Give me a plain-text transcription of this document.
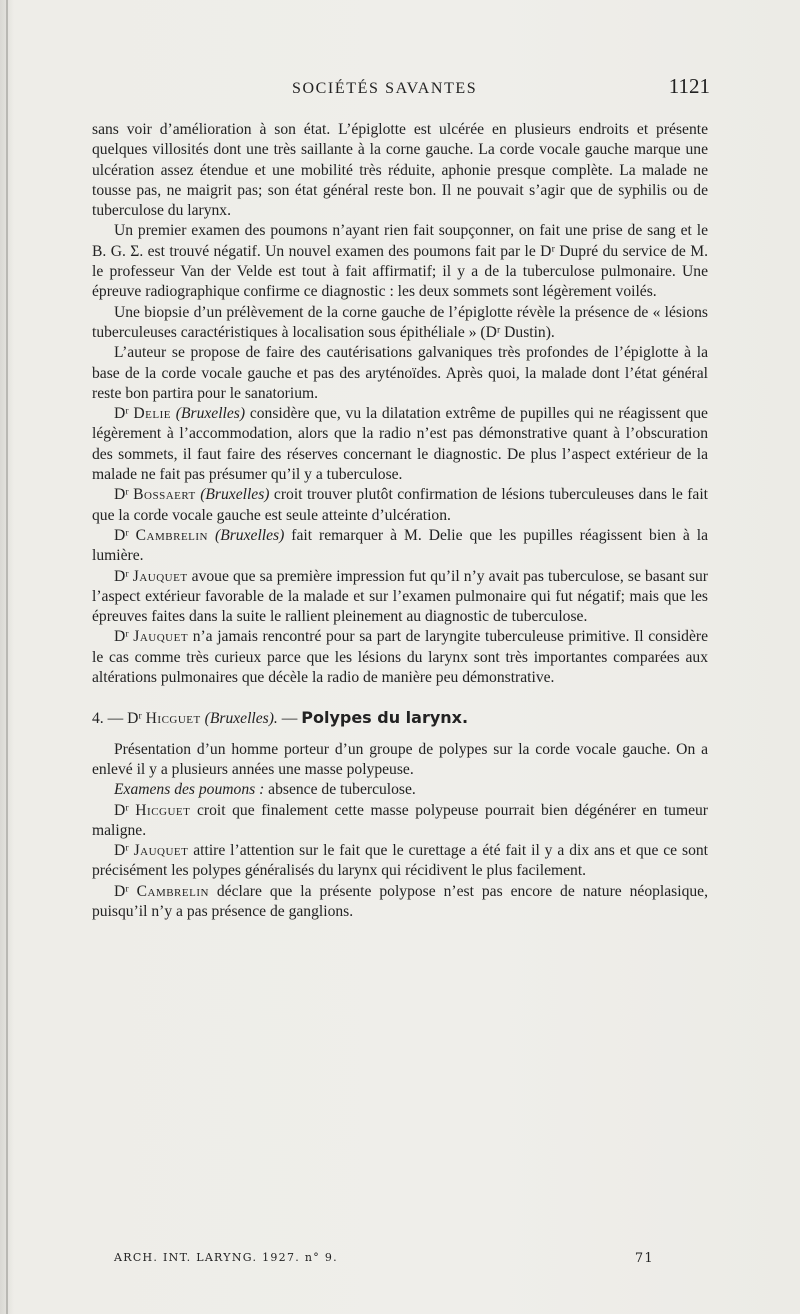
SOCIÉTÉS SAVANTES	1121

sans voir d’amélioration à son état. L’épiglotte est ulcérée en plusieurs endroits et présente quelques villosités dont une très saillante à la corne gauche. La corde vocale gauche marque une ulcération assez étendue et une mobilité très réduite, aphonie presque complète. La malade ne tousse pas, ne maigrit pas; son état général reste bon. Il ne pouvait s’agir que de syphilis ou de tuberculose du larynx.

Un premier examen des poumons n’ayant rien fait soupçonner, on fait une prise de sang et le B. G. Σ. est trouvé négatif. Un nouvel examen des poumons fait par le Dʳ Dupré du service de M. le professeur Van der Velde est tout à fait affirmatif; il y a de la tuberculose pulmonaire. Une épreuve radiographique confirme ce diagnostic : les deux sommets sont légèrement voilés.

Une biopsie d’un prélèvement de la corne gauche de l’épiglotte révèle la présence de « lésions tuberculeuses caractéristiques à localisation sous épithéliale » (Dʳ Dustin).

L’auteur se propose de faire des cautérisations galvaniques très profondes de l’épiglotte à la base de la corde vocale gauche et pas des aryténoïdes. Après quoi, la malade dont l’état général reste bon partira pour le sanatorium.

Dʳ Delie (Bruxelles) considère que, vu la dilatation extrême de pupilles qui ne réagissent que légèrement à l’accommodation, alors que la radio n’est pas démonstrative quant à l’obscuration des sommets, il faut faire des réserves concernant le diagnostic. De plus l’aspect extérieur de la malade ne fait pas présumer qu’il y a tuberculose.

Dʳ Bossaert (Bruxelles) croit trouver plutôt confirmation de lésions tuberculeuses dans le fait que la corde vocale gauche est seule atteinte d’ulcération.

Dʳ Cambrelin (Bruxelles) fait remarquer à M. Delie que les pupilles réagissent bien à la lumière.

Dʳ Jauquet avoue que sa première impression fut qu’il n’y avait pas tuberculose, se basant sur l’aspect extérieur favorable de la malade et sur l’examen pulmonaire qui fut négatif; mais que les épreuves faites dans la suite le rallient pleinement au diagnostic de tuberculose.

Dʳ Jauquet n’a jamais rencontré pour sa part de laryngite tuberculeuse primitive. Il considère le cas comme très curieux parce que les lésions du larynx sont très importantes comparées aux altérations pulmonaires que décèle la radio de manière peu démonstrative.

4. — Dʳ Hicguet (Bruxelles). — Polypes du larynx.

Présentation d’un homme porteur d’un groupe de polypes sur la corde vocale gauche. On a enlevé il y a plusieurs années une masse polypeuse.

Examens des poumons : absence de tuberculose.

Dʳ Hicguet croit que finalement cette masse polypeuse pourrait bien dégénérer en tumeur maligne.

Dʳ Jauquet attire l’attention sur le fait que le curettage a été fait il y a dix ans et que ce sont précisément les polypes généralisés du larynx qui récidivent le plus facilement.

Dʳ Cambrelin déclare que la présente polypose n’est pas encore de nature néoplasique, puisqu’il n’y a pas présence de ganglions.

ARCH. INT. LARYNG. 1927. n° 9.	71
